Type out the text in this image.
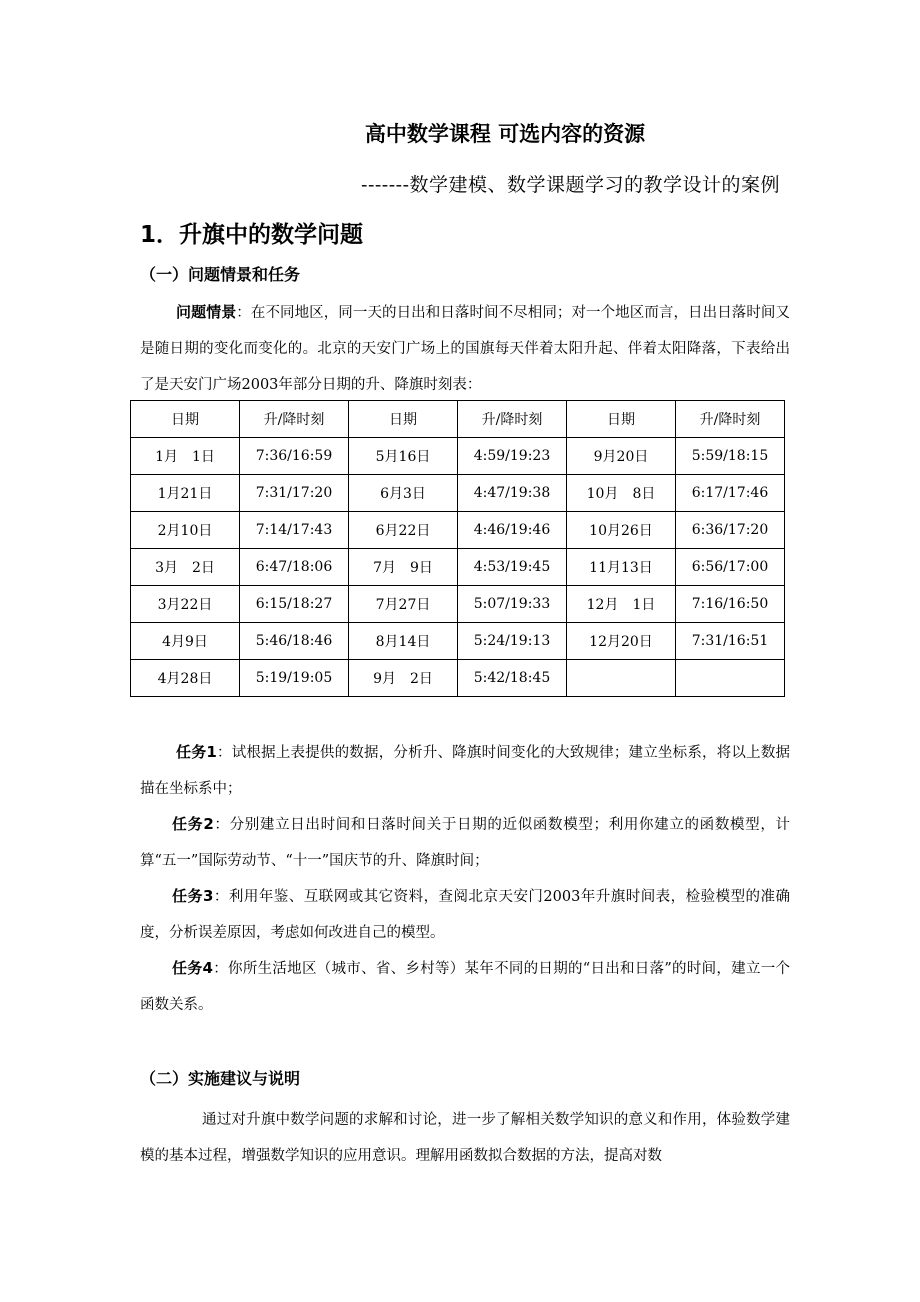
高中数学课程 可选内容的资源
-------数学建模、数学课题学习的教学设计的案例
1．升旗中的数学问题
（一）问题情景和任务
问题情景：在不同地区，同一天的日出和日落时间不尽相同；对一个地区而言，日出日落时间又是随日期的变化而变化的。北京的天安门广场上的国旗每天伴着太阳升起、伴着太阳降落，下表给出了是天安门广场2003年部分日期的升、降旗时刻表：
日期	升/降时刻	日期	升/降时刻	日期	升/降时刻
1月　1日	7:36/16:59	5月16日	4:59/19:23	9月20日	5:59/18:15
1月21日	7:31/17:20	6月3日	4:47/19:38	10月　8日	6:17/17:46
2月10日	7:14/17:43	6月22日	4:46/19:46	10月26日	6:36/17:20
3月　2日	6:47/18:06	7月　9日	4:53/19:45	11月13日	6:56/17:00
3月22日	6:15/18:27	7月27日	5:07/19:33	12月　1日	7:16/16:50
4月9日	5:46/18:46	8月14日	5:24/19:13	12月20日	7:31/16:51
4月28日	5:19/19:05	9月　2日	5:42/18:45		
任务1：试根据上表提供的数据，分析升、降旗时间变化的大致规律；建立坐标系，将以上数据描在坐标系中；
任务2：分别建立日出时间和日落时间关于日期的近似函数模型；利用你建立的函数模型，计算“五一”国际劳动节、“十一”国庆节的升、降旗时间；
任务3：利用年鉴、互联网或其它资料，查阅北京天安门2003年升旗时间表，检验模型的准确度，分析误差原因，考虑如何改进自己的模型。
任务4：你所生活地区（城市、省、乡村等）某年不同的日期的“日出和日落”的时间，建立一个函数关系。
（二）实施建议与说明
通过对升旗中数学问题的求解和讨论，进一步了解相关数学知识的意义和作用，体验数学建模的基本过程，增强数学知识的应用意识。理解用函数拟合数据的方法，提高对数
